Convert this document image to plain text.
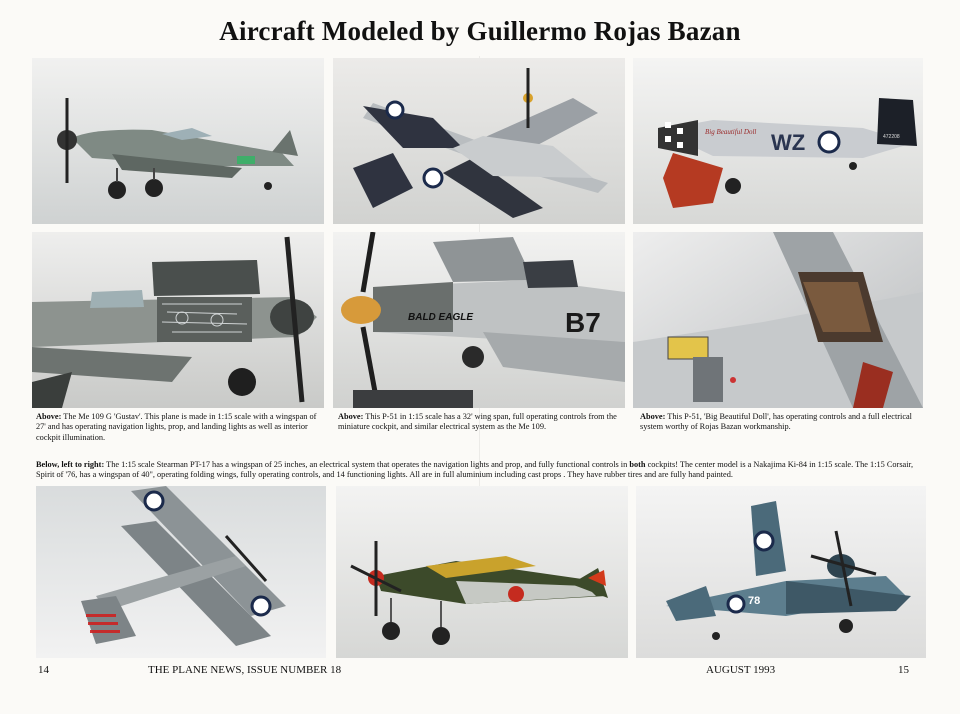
Aircraft Modeled by Guillermo Rojas Bazan
WZ
Big Beautiful Doll
472208
BALD EAGLE	B7
Above: The Me 109 G 'Gustav'. This plane is made in 1:15 scale with a wingspan of 27' and has operating navigation lights, prop, and landing lights as well as interior cockpit illumination.
Above: This P-51 in 1:15 scale has a 32' wing span, full operating controls from the miniature cockpit, and similar electrical system as the Me 109.
Above: This P-51, 'Big Beautiful Doll', has operating controls and a full electrical system worthy of Rojas Bazan workmanship.
Below, left to right: The 1:15 scale Stearman PT-17 has a wingspan of 25 inches, an electrical system that operates the navigation lights and prop, and fully functional controls in both cockpits! The center model is a Nakajima Ki-84 in 1:15 scale. The 1:15 Corsair, Spirit of '76, has a wingspan of 40", operating folding wings, fully operating controls, and 14 functioning lights. All are in full aluminium including cast props . They have rubber tires and are fully hand painted.
78
14	THE PLANE NEWS, ISSUE NUMBER 18	AUGUST 1993	15
